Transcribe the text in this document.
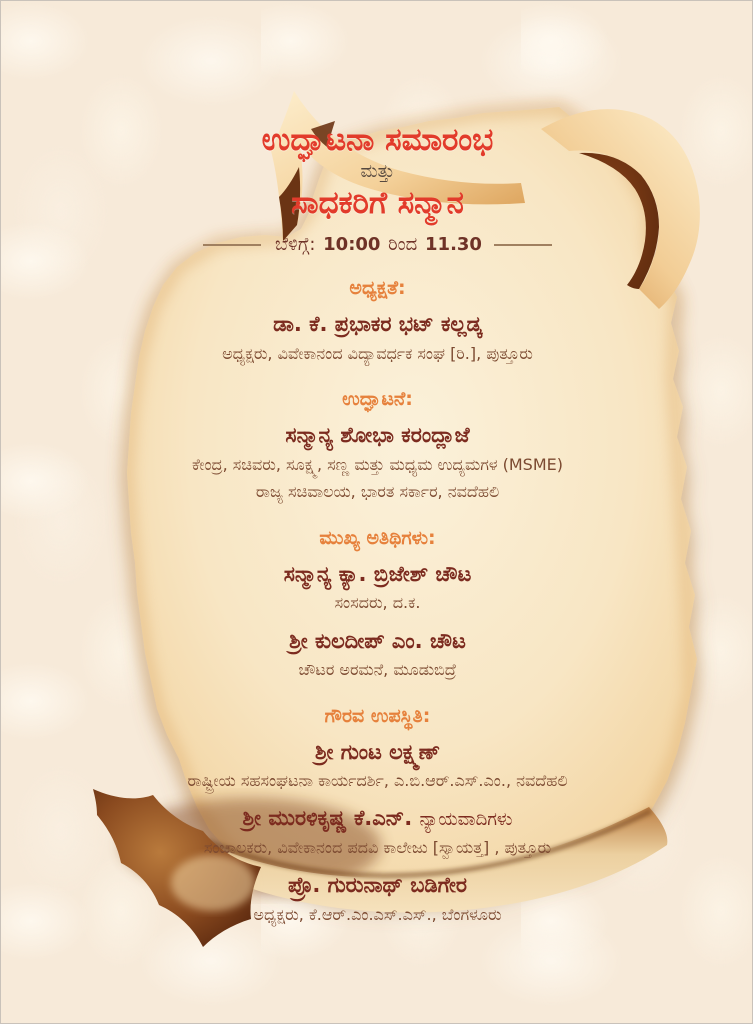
ಉದ್ಘಾಟನಾ ಸಮಾರಂಭ
ಮತ್ತು
ಸಾಧಕರಿಗೆ ಸನ್ಮಾನ
ಬೆಳಿಗ್ಗೆ: 10:00 ರಿಂದ 11.30
ಅಧ್ಯಕ್ಷತೆ:
ಡಾ. ಕೆ. ಪ್ರಭಾಕರ ಭಟ್ ಕಲ್ಲಡ್ಕ
ಅಧ್ಯಕ್ಷರು, ವಿವೇಕಾನಂದ ವಿದ್ಯಾವರ್ಧಕ ಸಂಘ [ರಿ.], ಪುತ್ತೂರು
ಉದ್ಘಾಟನೆ:
ಸನ್ಮಾನ್ಯ ಶೋಭಾ ಕರಂದ್ಲಾಜೆ
ಕೇಂದ್ರ, ಸಚಿವರು, ಸೂಕ್ಷ್ಮ, ಸಣ್ಣ ಮತ್ತು ಮಧ್ಯಮ ಉದ್ಯಮಗಳ (MSME)
ರಾಜ್ಯ ಸಚಿವಾಲಯ, ಭಾರತ ಸರ್ಕಾರ, ನವದೆಹಲಿ
ಮುಖ್ಯ ಅತಿಥಿಗಳು:
ಸನ್ಮಾನ್ಯ ಕ್ಯಾ. ಬ್ರಿಜೇಶ್ ಚೌಟ
ಸಂಸದರು, ದ.ಕ.
ಶ್ರೀ ಕುಲದೀಪ್ ಎಂ. ಚೌಟ
ಚೌಟರ ಅರಮನೆ, ಮೂಡುಬಿದ್ರೆ
ಗೌರವ ಉಪಸ್ಥಿತಿ:
ಶ್ರೀ ಗುಂಟ ಲಕ್ಷ್ಮಣ್
ರಾಷ್ಟ್ರೀಯ ಸಹಸಂಘಟನಾ ಕಾರ್ಯದರ್ಶಿ, ಎ.ಬಿ.ಆರ್.ಎಸ್.ಎಂ., ನವದೆಹಲಿ
ಶ್ರೀ ಮುರಳಿಕೃಷ್ಣ ಕೆ.ಎನ್. ನ್ಯಾಯವಾದಿಗಳು
ಸಂಚಾಲಕರು, ವಿವೇಕಾನಂದ ಪದವಿ ಕಾಲೇಜು [ಸ್ವಾಯತ್ತ] , ಪುತ್ತೂರು
ಪ್ರೊ. ಗುರುನಾಥ್ ಬಡಿಗೇರ
ಅಧ್ಯಕ್ಷರು, ಕೆ.ಆರ್.ಎಂ.ಎಸ್.ಎಸ್., ಬೆಂಗಳೂರು
